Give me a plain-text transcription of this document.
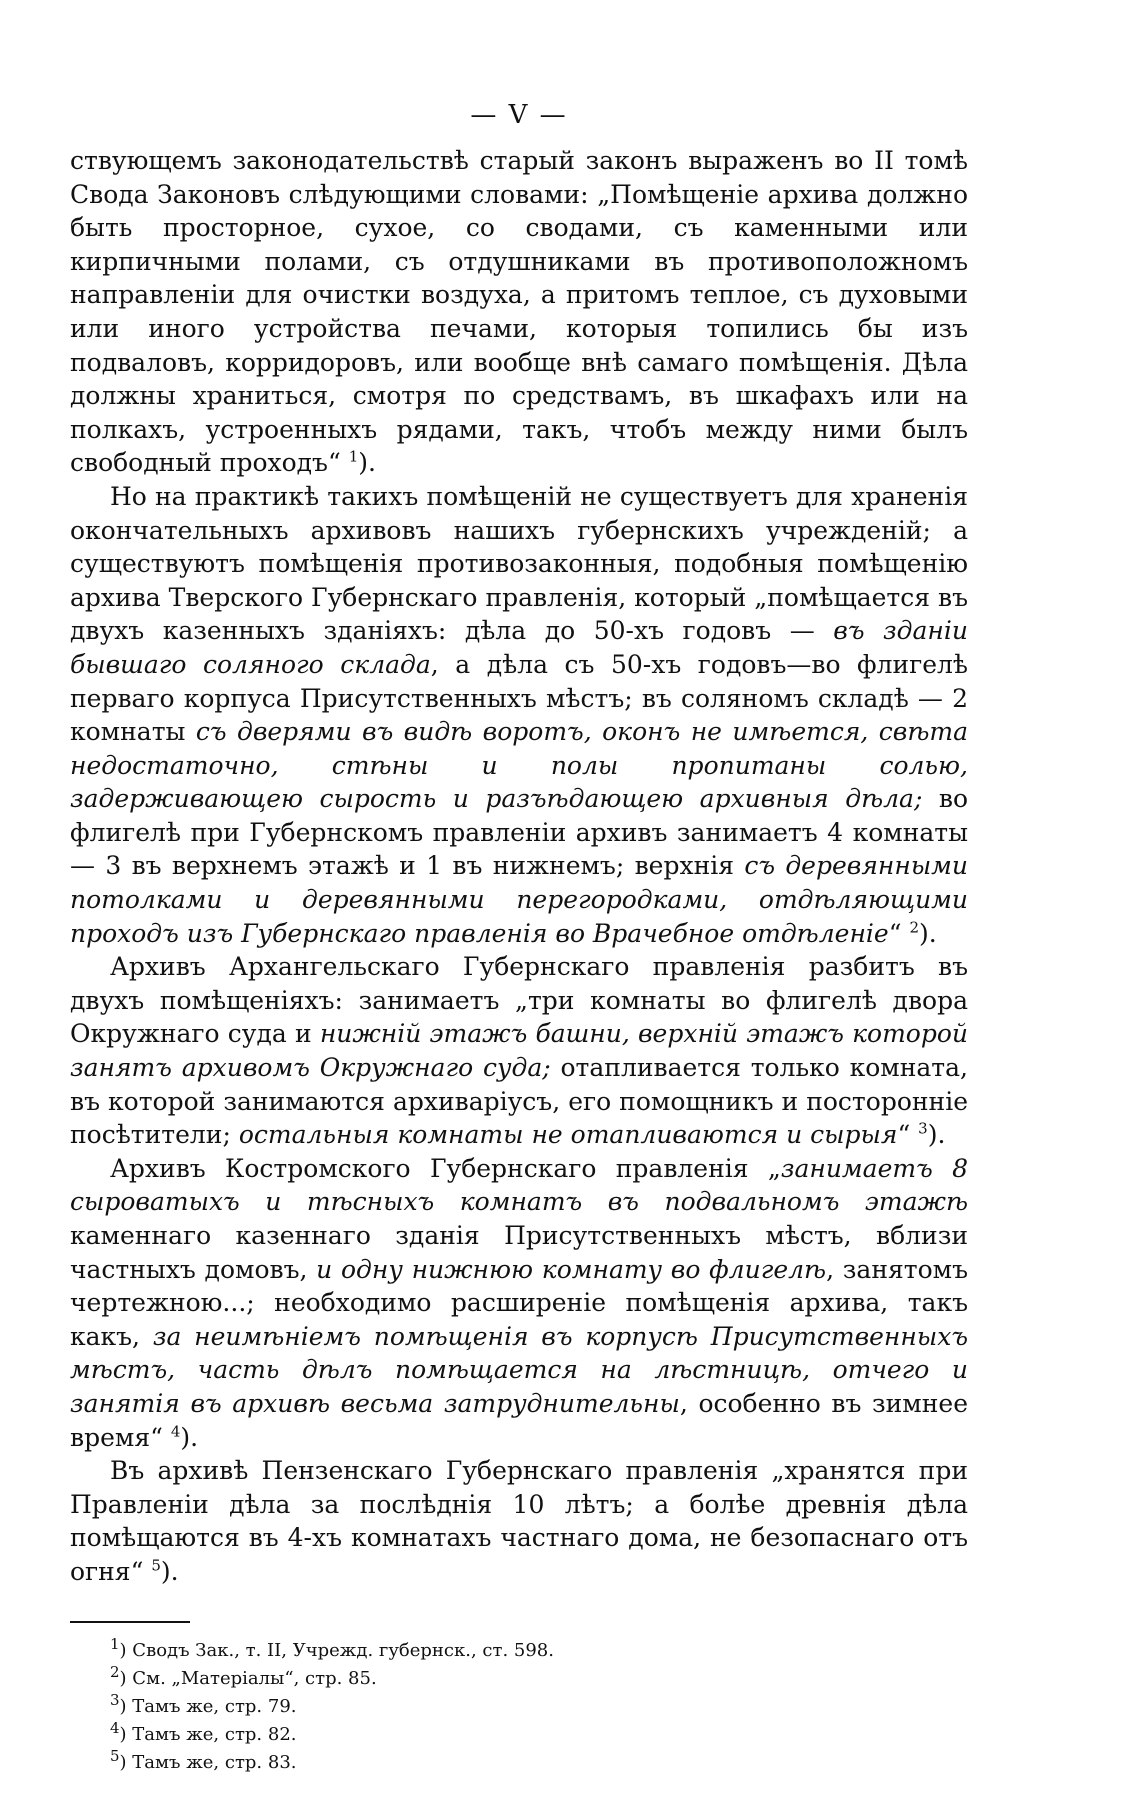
— V —

ствующемъ законодательствѣ старый законъ выраженъ во II томѣ Свода Законовъ слѣдующими словами: „Помѣщеніе архива должно быть просторное, сухое, со сводами, съ каменными или кирпичными полами, съ отдушниками въ противоположномъ направленіи для очистки воздуха, а притомъ теплое, съ духовыми или иного устройства печами, которыя топились бы изъ подваловъ, корридоровъ, или вообще внѣ самаго помѣщенія. Дѣла должны храниться, смотря по средствамъ, въ шкафахъ или на полкахъ, устроенныхъ рядами, такъ, чтобъ между ними былъ свободный проходъ“ $^1$).

Но на практикѣ такихъ помѣщеній не существуетъ для храненія окончательныхъ архивовъ нашихъ губернскихъ учрежденій; а существуютъ помѣщенія противозаконныя, подобныя помѣщенію архива Тверского Губернскаго правленія, который „помѣщается въ двухъ казенныхъ зданіяхъ: дѣла до 50-хъ годовъ — въ зданіи бывшаго соляного склада, а дѣла съ 50-хъ годовъ—во флигелѣ перваго корпуса Присутственныхъ мѣстъ; въ соляномъ складѣ — 2 комнаты съ дверями въ видѣ воротъ, оконъ не имѣется, свѣта недостаточно, стѣны и полы пропитаны солью, задерживающею сырость и разъѣдающею архивныя дѣла; во флигелѣ при Губернскомъ правленіи архивъ занимаетъ 4 комнаты — 3 въ верхнемъ этажѣ и 1 въ нижнемъ; верхнія съ деревянными потолками и деревянными перегородками, отдѣляющими проходъ изъ Губернскаго правленія во Врачебное отдѣленіе“ $^2$).

Архивъ Архангельскаго Губернскаго правленія разбитъ въ двухъ помѣщеніяхъ: занимаетъ „три комнаты во флигелѣ двора Окружнаго суда и нижній этажъ башни, верхній этажъ которой занятъ архивомъ Окружнаго суда; отапливается только комната, въ которой занимаются архиваріусъ, его помощникъ и посторонніе посѣтители; остальныя комнаты не отапливаются и сырыя“ $^3$).

Архивъ Костромского Губернскаго правленія „занимаетъ 8 сыроватыхъ и тѣсныхъ комнатъ въ подвальномъ этажѣ каменнаго казеннаго зданія Присутственныхъ мѣстъ, вблизи частныхъ домовъ, и одну нижнюю комнату во флигелѣ, занятомъ чертежною...; необходимо расширеніе помѣщенія архива, такъ какъ, за неимѣніемъ помѣщенія въ корпусѣ Присутственныхъ мѣстъ, часть дѣлъ помѣщается на лѣстницѣ, отчего и занятія въ архивѣ весьма затруднительны, особенно въ зимнее время“ $^4$).

Въ архивѣ Пензенскаго Губернскаго правленія „хранятся при Правленіи дѣла за послѣднія 10 лѣтъ; а болѣе древнія дѣла помѣщаются въ 4-хъ комнатахъ частнаго дома, не безопаснаго отъ огня“ $^5$).

$^1$) Сводъ Зак., т. II, Учрежд. губернск., ст. 598.
$^2$) См. „Матеріалы“, стр. 85.
$^3$) Тамъ же, стр. 79.
$^4$) Тамъ же, стр. 82.
$^5$) Тамъ же, стр. 83.
